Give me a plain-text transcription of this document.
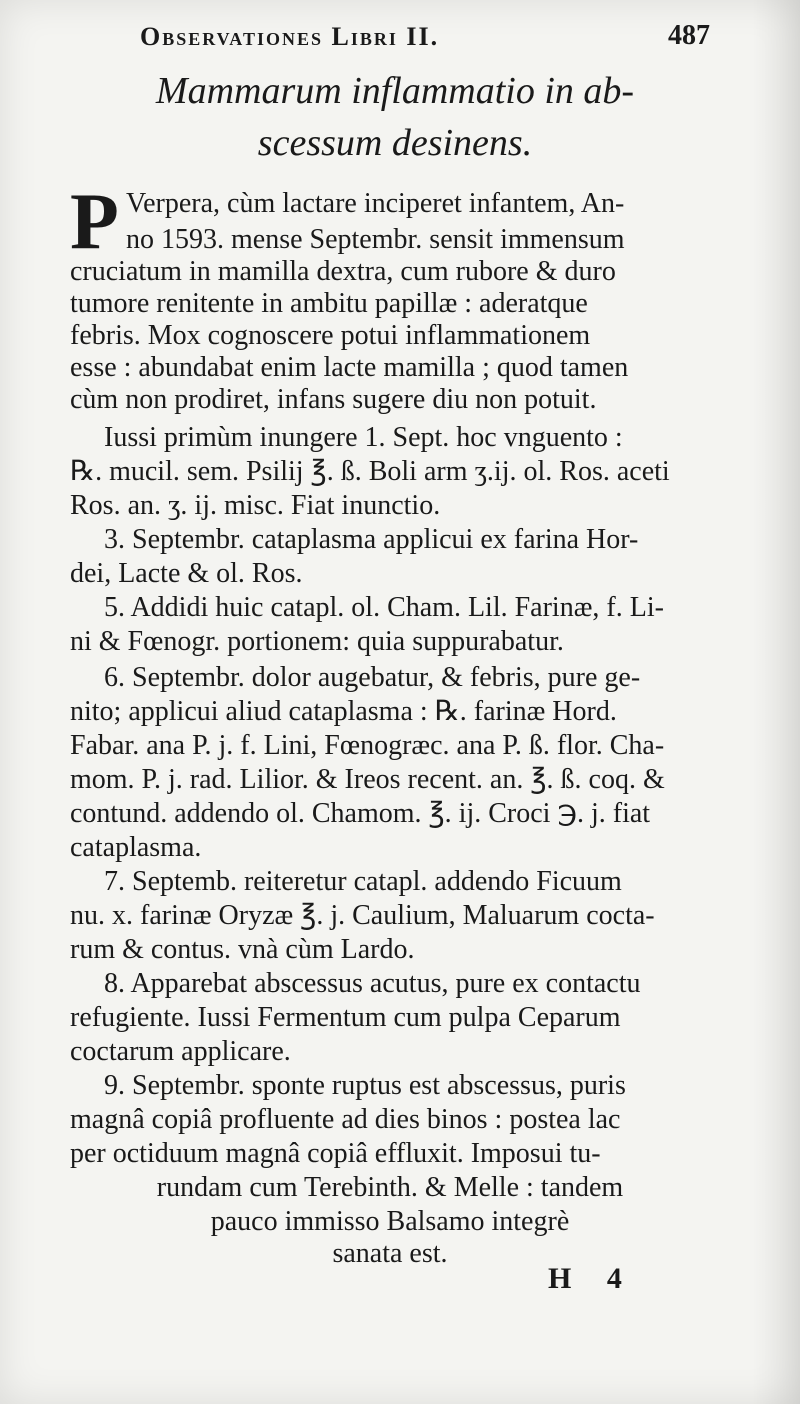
Observationes Libri II.	487
Mammarum inflammatio in ab-
scessum desinens.
P Verpera, cùm lactare inciperet infantem, An-
no 1593. mense Septembr. sensit immensum
cruciatum in mamilla dextra, cum rubore & duro
tumore renitente in ambitu papillæ : aderatque
febris. Mox cognoscere potui inflammationem
esse : abundabat enim lacte mamilla ; quod tamen
cùm non prodiret, infans sugere diu non potuit.
Iussi primùm inungere 1. Sept. hoc vnguento :
℞. mucil. sem. Psilij ℥. ß. Boli arm ʒ.ij. ol. Ros. aceti
Ros. an. ʒ. ij. misc. Fiat inunctio.
3. Septembr. cataplasma applicui ex farina Hor-
dei, Lacte & ol. Ros.
5. Addidi huic catapl. ol. Cham. Lil. Farinæ, f. Li-
ni & Fœnogr. portionem: quia suppurabatur.
6. Septembr. dolor augebatur, & febris, pure ge-
nito; applicui aliud cataplasma : ℞. farinæ Hord.
Fabar. ana P. j. f. Lini, Fœnogræc. ana P. ß. flor. Cha-
mom. P. j. rad. Lilior. & Ireos recent. an. ℥. ß. coq. &
contund. addendo ol. Chamom. ℥. ij. Croci ℈. j. fiat
cataplasma.
7. Septemb. reiteretur catapl. addendo Ficuum
nu. x. farinæ Oryzæ ℥. j. Caulium, Maluarum cocta-
rum & contus. vnà cùm Lardo.
8. Apparebat abscessus acutus, pure ex contactu
refugiente. Iussi Fermentum cum pulpa Ceparum
coctarum applicare.
9. Septembr. sponte ruptus est abscessus, puris
magnâ copiâ profluente ad dies binos : postea lac
per octiduum magnâ copiâ effluxit. Imposui tu-
rundam cum Terebinth. & Melle : tandem
pauco immisso Balsamo integrè
sanata est.
H 4
